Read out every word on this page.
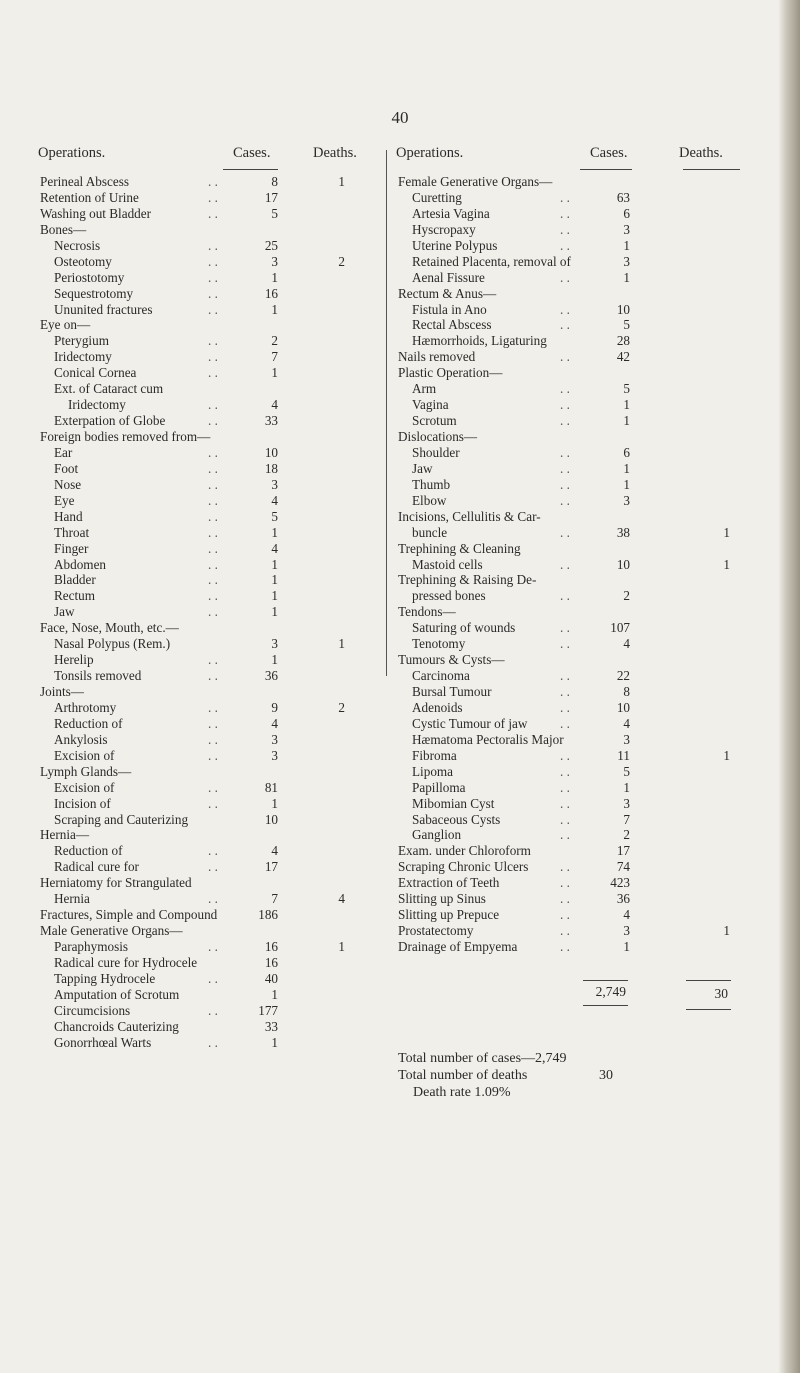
40
Operations.	Cases.	Deaths.
Perineal Abscess	. .	8	1
Retention of Urine	. .	17
Washing out Bladder	. .	5
Bones—
Necrosis	. .	25
Osteotomy	. .	3	2
Periostotomy	. .	1
Sequestrotomy	. .	16
Ununited fractures	. .	1
Eye on—
Pterygium	. .	2
Iridectomy	. .	7
Conical Cornea	. .	1
Ext. of Cataract cum
Iridectomy	. .	4
Exterpation of Globe	. .	33
Foreign bodies removed from—
Ear	. .	10
Foot	. .	18
Nose	. .	3
Eye	. .	4
Hand	. .	5
Throat	. .	1
Finger	. .	4
Abdomen	. .	1
Bladder	. .	1
Rectum	. .	1
Jaw	. .	1
Face, Nose, Mouth, etc.—
Nasal Polypus (Rem.)	3	1
Herelip	. .	1
Tonsils removed	. .	36
Joints—
Arthrotomy	. .	9	2
Reduction of	. .	4
Ankylosis	. .	3
Excision of	. .	3
Lymph Glands—
Excision of	. .	81
Incision of	. .	1
Scraping and Cauterizing	10
Hernia—
Reduction of	. .	4
Radical cure for	. .	17
Herniatomy for Strangulated
Hernia	. .	7	4
Fractures, Simple and Compound	186
Male Generative Organs—
Paraphymosis	. .	16	1
Radical cure for Hydrocele	16
Tapping Hydrocele	. .	40
Amputation of Scrotum	1
Circumcisions	. .	177
Chancroids Cauterizing	33
Gonorrhœal Warts	. .	1
Operations.	Cases.	Deaths.
Female Generative Organs—
Curetting	. .	63
Artesia Vagina	. .	6
Hyscropaxy	. .	3
Uterine Polypus	. .	1
Retained Placenta, removal of	3
Aenal Fissure	. .	1
Rectum & Anus—
Fistula in Ano	. .	10
Rectal Abscess	. .	5
Hæmorrhoids, Ligaturing	28
Nails removed	. .	42
Plastic Operation—
Arm	. .	5
Vagina	. .	1
Scrotum	. .	1
Dislocations—
Shoulder	. .	6
Jaw	. .	1
Thumb	. .	1
Elbow	. .	3
Incisions, Cellulitis & Car-
buncle	. .	38	1
Trephining & Cleaning
Mastoid cells	. .	10	1
Trephining & Raising De-
pressed bones	. .	2
Tendons—
Saturing of wounds	. .	107
Tenotomy	. .	4
Tumours & Cysts—
Carcinoma	. .	22
Bursal Tumour	. .	8
Adenoids	. .	10
Cystic Tumour of jaw . .	4
Hæmatoma Pectoralis Major	3
Fibroma	. .	11	1
Lipoma	. .	5
Papilloma	. .	1
Mibomian Cyst	. .	3
Sabaceous Cysts	. .	7
Ganglion	. .	2
Exam. under Chloroform	17
Scraping Chronic Ulcers . .	74
Extraction of Teeth	. .	423
Slitting up Sinus	. .	36
Slitting up Prepuce	. .	4
Prostatectomy	. .	3	1
Drainage of Empyema	. .	1
2,749	30
Total number of cases—2,749
Total number of deaths	30
Death rate 1.09%
